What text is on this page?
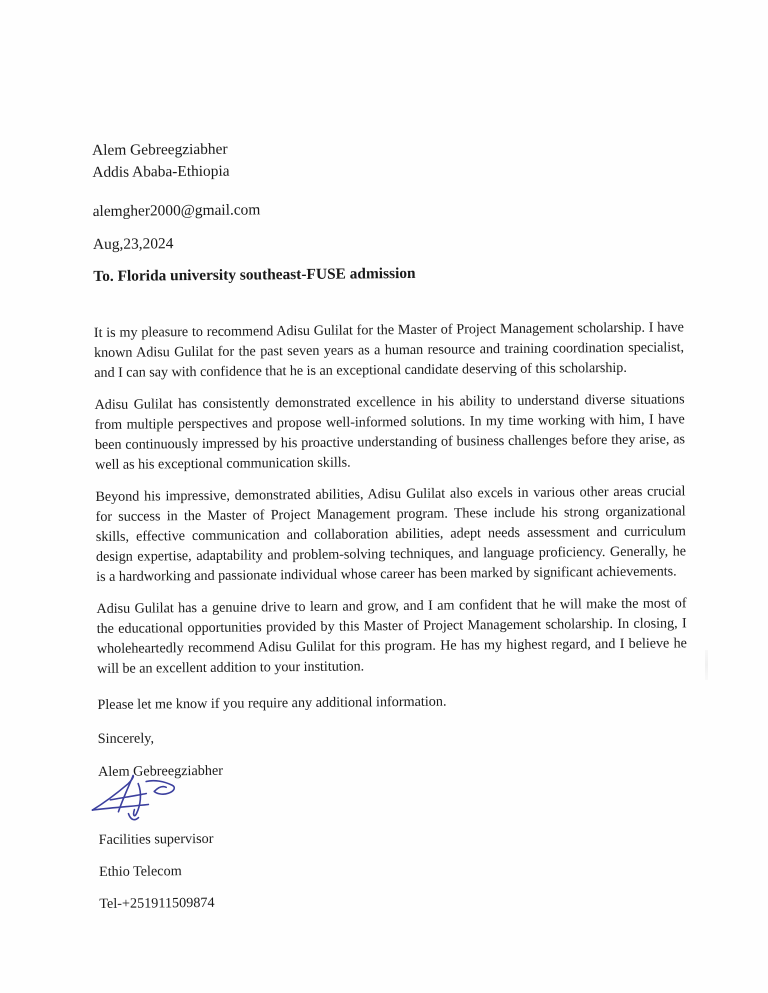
Alem Gebreegziabher

Addis Ababa-Ethiopia

alemgher2000@gmail.com

Aug,23,2024

To. Florida university southeast-FUSE admission

It is my pleasure to recommend Adisu Gulilat for the Master of Project Management scholarship. I have known Adisu Gulilat for the past seven years as a human resource and training coordination specialist, and I can say with confidence that he is an exceptional candidate deserving of this scholarship.

Adisu Gulilat has consistently demonstrated excellence in his ability to understand diverse situations from multiple perspectives and propose well-informed solutions. In my time working with him, I have been continuously impressed by his proactive understanding of business challenges before they arise, as well as his exceptional communication skills.

Beyond his impressive, demonstrated abilities, Adisu Gulilat also excels in various other areas crucial for success in the Master of Project Management program. These include his strong organizational skills, effective communication and collaboration abilities, adept needs assessment and curriculum design expertise, adaptability and problem-solving techniques, and language proficiency. Generally, he is a hardworking and passionate individual whose career has been marked by significant achievements.

Adisu Gulilat has a genuine drive to learn and grow, and I am confident that he will make the most of the educational opportunities provided by this Master of Project Management scholarship. In closing, I wholeheartedly recommend Adisu Gulilat for this program. He has my highest regard, and I believe he will be an excellent addition to your institution.

Please let me know if you require any additional information.

Sincerely,

Alem Gebreegziabher

Facilities supervisor

Ethio Telecom

Tel-+251911509874
